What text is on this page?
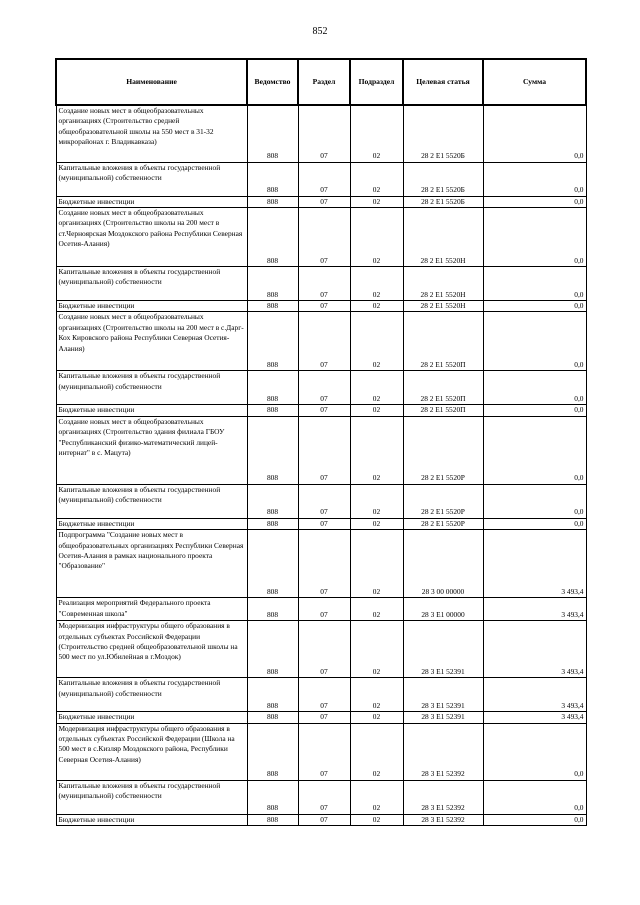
852
Наименование	Ведомство	Раздел	Подраздел	Целевая статья	Сумма
Создание новых мест в общеобразовательных организациях (Строительство средней общеобразовательной школы на 550 мест в 31-32 микрорайонах г. Владикавказа)	808	07	02	28 2 E1 5520Б	0,0
Капитальные вложения в объекты государственной (муниципальной) собственности	808	07	02	28 2 E1 5520Б	0,0
Бюджетные инвестиции	808	07	02	28 2 E1 5520Б	0,0
Создание новых мест в общеобразовательных организациях (Строительство школы на 200 мест в ст.Черноярская Моздокского района Республики Северная Осетия-Алания)	808	07	02	28 2 E1 5520Н	0,0
Капитальные вложения в объекты государственной (муниципальной) собственности	808	07	02	28 2 E1 5520Н	0,0
Бюджетные инвестиции	808	07	02	28 2 E1 5520Н	0,0
Создание новых мест в общеобразовательных организациях (Строительство школы на 200 мест в с.Дарг-Кох Кировского района Республики Северная Осетия-Алания)	808	07	02	28 2 E1 5520П	0,0
Капитальные вложения в объекты государственной (муниципальной) собственности	808	07	02	28 2 E1 5520П	0,0
Бюджетные инвестиции	808	07	02	28 2 E1 5520П	0,0
Создание новых мест в общеобразовательных организациях (Строительство здания филиала ГБОУ "Республиканский физико-математический лицей-интернат" в с. Мацута)	808	07	02	28 2 E1 5520Р	0,0
Капитальные вложения в объекты государственной (муниципальной) собственности	808	07	02	28 2 E1 5520Р	0,0
Бюджетные инвестиции	808	07	02	28 2 E1 5520Р	0,0
Подпрограмма "Создание новых мест в общеобразовательных организациях Республики Северная Осетия-Алания в рамках национального проекта "Образование"	808	07	02	28 3 00 00000	3 493,4
Реализация мероприятий Федерального проекта "Современная школа"	808	07	02	28 3 E1 00000	3 493,4
Модернизация инфраструктуры общего образования в отдельных субъектах Российской Федерации (Строительство средней общеобразовательной школы на 500 мест по ул.Юбилейная в г.Моздок)	808	07	02	28 3 E1 52391	3 493,4
Капитальные вложения в объекты государственной (муниципальной) собственности	808	07	02	28 3 E1 52391	3 493,4
Бюджетные инвестиции	808	07	02	28 3 E1 52391	3 493,4
Модернизация инфраструктуры общего образования в отдельных субъектах Российской Федерации (Школа на 500 мест в с.Кизляр Моздокского района, Республики Северная Осетия-Алания)	808	07	02	28 3 E1 52392	0,0
Капитальные вложения в объекты государственной (муниципальной) собственности	808	07	02	28 3 E1 52392	0,0
Бюджетные инвестиции	808	07	02	28 3 E1 52392	0,0
